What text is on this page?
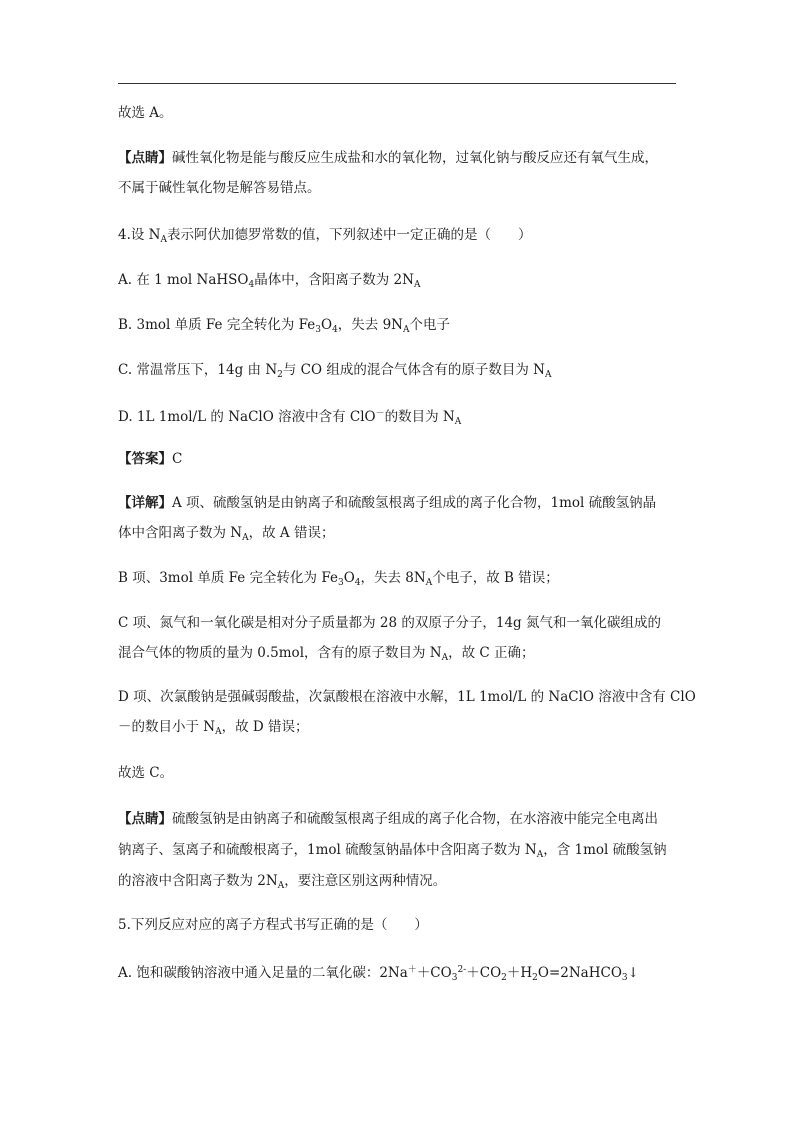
故选 A。
【点睛】碱性氧化物是能与酸反应生成盐和水的氧化物，过氧化钠与酸反应还有氧气生成，
不属于碱性氧化物是解答易错点。
4.设 $N_A$表示阿伏加德罗常数的值，下列叙述中一定正确的是（　　）
A. 在 1 mol NaHSO$_4$晶体中，含阳离子数为 $2N_A$
B. 3mol 单质 Fe 完全转化为 $Fe_3O_4$，失去 $9N_A$个电子
C. 常温常压下，14g 由 $N_2$与 CO 组成的混合气体含有的原子数目为 $N_A$
D. 1L 1mol/L 的 NaClO 溶液中含有 ClO－的数目为 $N_A$
【答案】C
【详解】A 项、硫酸氢钠是由钠离子和硫酸氢根离子组成的离子化合物，1mol 硫酸氢钠晶
体中含阳离子数为 $N_A$，故 A 错误；
B 项、3mol 单质 Fe 完全转化为 $Fe_3O_4$，失去 $8N_A$个电子，故 B 错误；
C 项、氮气和一氧化碳是相对分子质量都为 28 的双原子分子，14g 氮气和一氧化碳组成的
混合气体的物质的量为 0.5mol，含有的原子数目为 $N_A$，故 C 正确；
D 项、次氯酸钠是强碱弱酸盐，次氯酸根在溶液中水解，1L 1mol/L 的 NaClO 溶液中含有 ClO
－的数目小于 $N_A$，故 D 错误；
故选 C。
【点睛】硫酸氢钠是由钠离子和硫酸氢根离子组成的离子化合物，在水溶液中能完全电离出
钠离子、氢离子和硫酸根离子，1mol 硫酸氢钠晶体中含阳离子数为 $N_A$，含 1mol 硫酸氢钠
的溶液中含阳离子数为 $2N_A$，要注意区别这两种情况。
5.下列反应对应的离子方程式书写正确的是（　　）
A. 饱和碳酸钠溶液中通入足量的二氧化碳：$2Na^++CO_3^{2-}+CO_2+H_2O=2NaHCO_3↓$
